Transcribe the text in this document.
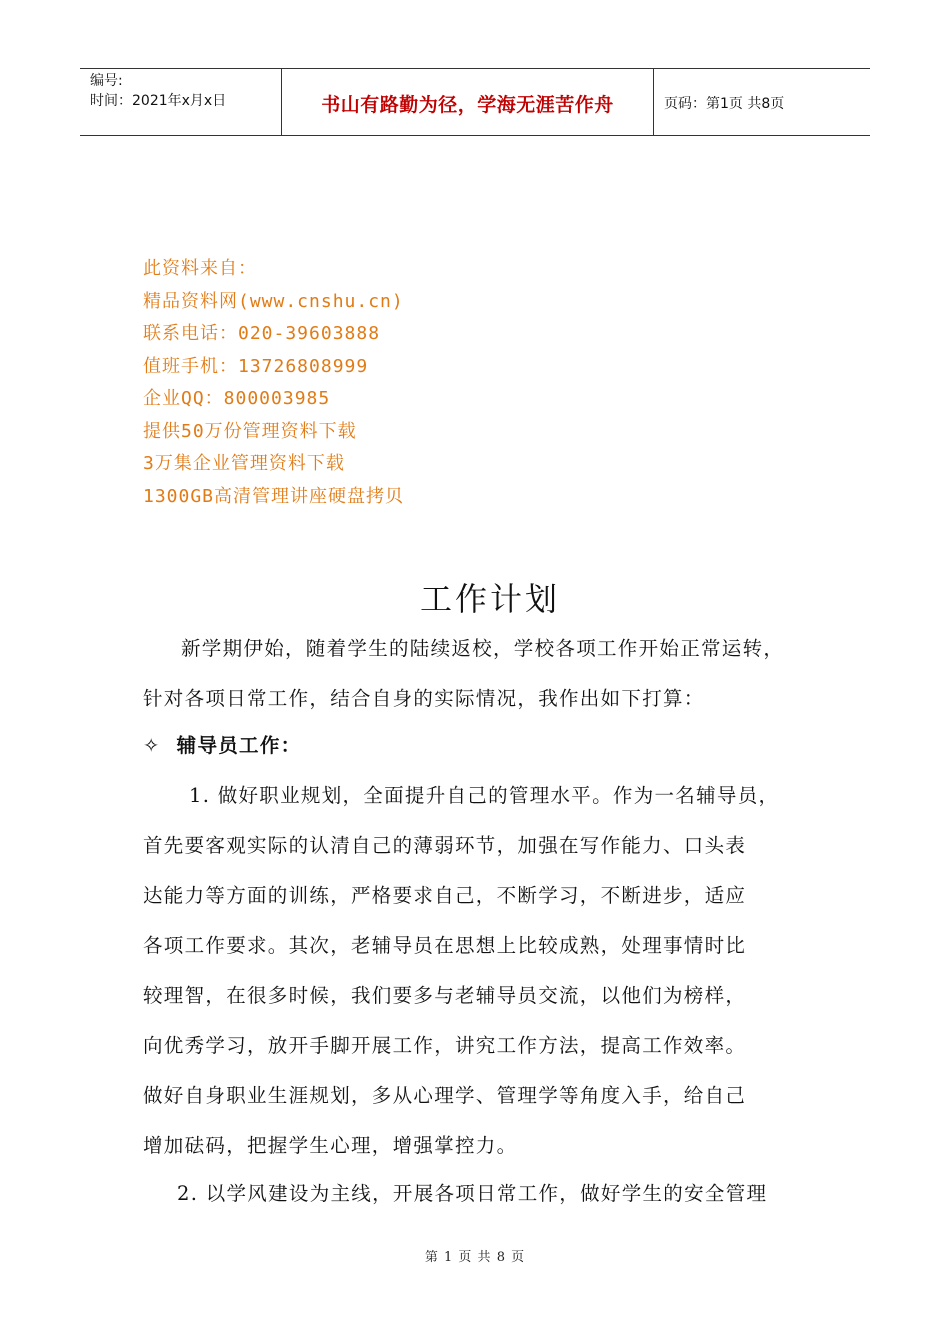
编号:
时间：2021年x月x日	书山有路勤为径，学海无涯苦作舟	页码：第1页 共8页
此资料来自：
精品资料网(www.cnshu.cn)
联系电话：020-39603888
值班手机：13726808999
企业QQ：800003985
提供50万份管理资料下载
3万集企业管理资料下载
1300GB高清管理讲座硬盘拷贝
工作计划
新学期伊始，随着学生的陆续返校，学校各项工作开始正常运转，
针对各项日常工作，结合自身的实际情况，我作出如下打算：
✧ 辅导员工作：
1. 做好职业规划，全面提升自己的管理水平。作为一名辅导员，
首先要客观实际的认清自己的薄弱环节，加强在写作能力、口头表
达能力等方面的训练，严格要求自己，不断学习，不断进步，适应
各项工作要求。其次，老辅导员在思想上比较成熟，处理事情时比
较理智，在很多时候，我们要多与老辅导员交流，以他们为榜样，
向优秀学习，放开手脚开展工作，讲究工作方法，提高工作效率。
做好自身职业生涯规划，多从心理学、管理学等角度入手，给自己
增加砝码，把握学生心理，增强掌控力。
2. 以学风建设为主线，开展各项日常工作，做好学生的安全管理
第 1 页 共 8 页
